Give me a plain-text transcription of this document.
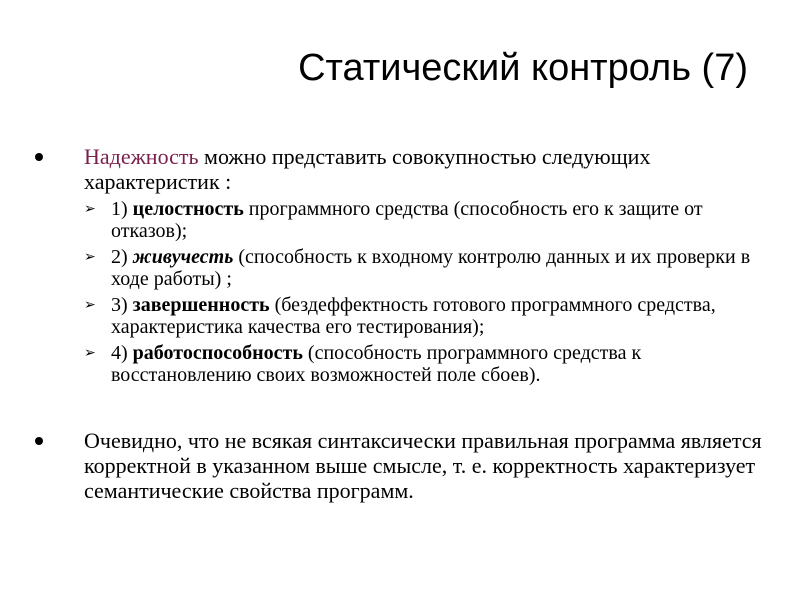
Статический контроль (7)
Надежность можно представить совокупностью следующих характеристик :
➢ 1) целостность программного средства (способность его к защите от отказов);
➢ 2) живучесть (способность к входному контролю данных и их проверки в ходе работы) ;
➢ 3) завершенность (бездеффектность готового программного средства, характеристика качества его тестирования);
➢ 4) работоспособность (способность программного средства к восстановлению своих возможностей поле сбоев).
Очевидно, что не всякая синтаксически правильная программа является корректной в указанном выше смысле, т. е. корректность характеризует семантические свойства программ.
